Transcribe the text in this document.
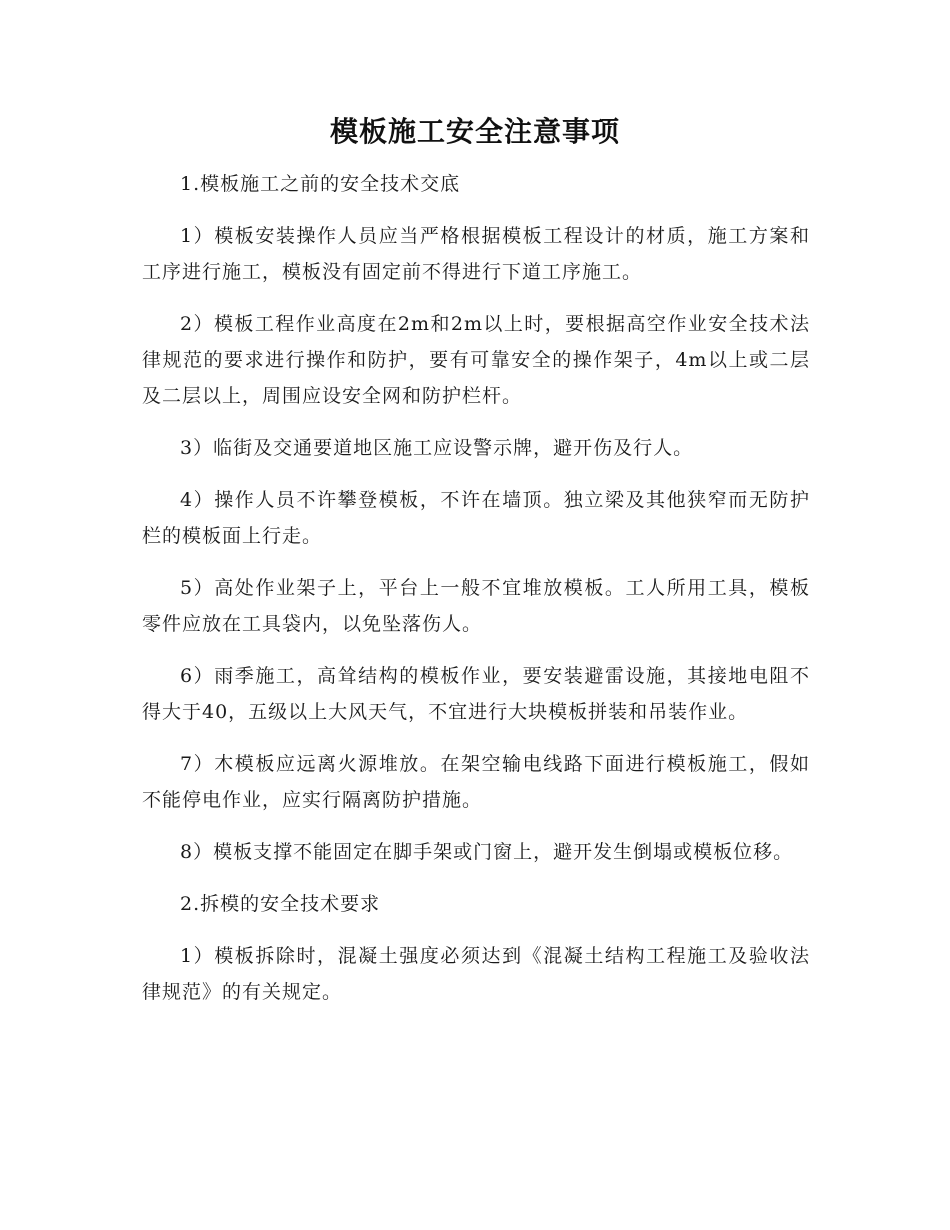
模板施工安全注意事项

1.模板施工之前的安全技术交底

1）模板安装操作人员应当严格根据模板工程设计的材质，施工方案和工序进行施工，模板没有固定前不得进行下道工序施工。

2）模板工程作业高度在2m和2m以上时，要根据高空作业安全技术法律规范的要求进行操作和防护，要有可靠安全的操作架子，4m以上或二层及二层以上，周围应设安全网和防护栏杆。

3）临街及交通要道地区施工应设警示牌，避开伤及行人。

4）操作人员不许攀登模板，不许在墙顶。独立梁及其他狭窄而无防护栏的模板面上行走。

5）高处作业架子上，平台上一般不宜堆放模板。工人所用工具，模板零件应放在工具袋内，以免坠落伤人。

6）雨季施工，高耸结构的模板作业，要安装避雷设施，其接地电阻不得大于40，五级以上大风天气，不宜进行大块模板拼装和吊装作业。

7）木模板应远离火源堆放。在架空输电线路下面进行模板施工，假如不能停电作业，应实行隔离防护措施。

8）模板支撑不能固定在脚手架或门窗上，避开发生倒塌或模板位移。

2.拆模的安全技术要求

1）模板拆除时，混凝土强度必须达到《混凝土结构工程施工及验收法律规范》的有关规定。
